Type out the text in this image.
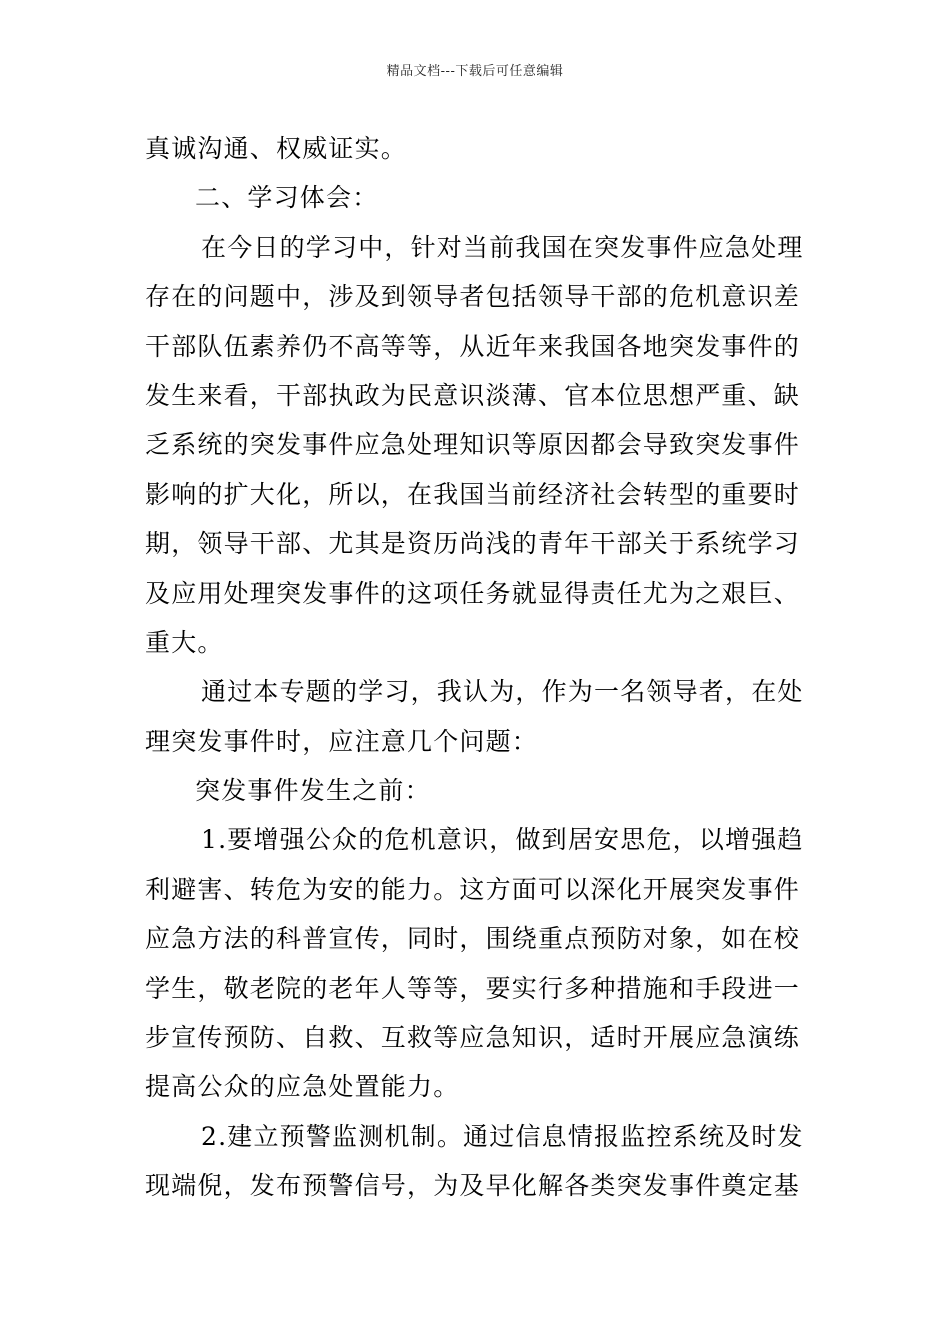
精品文档---下载后可任意编辑
真诚沟通、权威证实。
二、学习体会：
在今日的学习中，针对当前我国在突发事件应急处理
存在的问题中，涉及到领导者包括领导干部的危机意识差
干部队伍素养仍不高等等，从近年来我国各地突发事件的
发生来看，干部执政为民意识淡薄、官本位思想严重、缺
乏系统的突发事件应急处理知识等原因都会导致突发事件
影响的扩大化，所以，在我国当前经济社会转型的重要时
期，领导干部、尤其是资历尚浅的青年干部关于系统学习
及应用处理突发事件的这项任务就显得责任尤为之艰巨、
重大。
通过本专题的学习，我认为，作为一名领导者，在处
理突发事件时，应注意几个问题：
突发事件发生之前：
1.要增强公众的危机意识，做到居安思危，以增强趋
利避害、转危为安的能力。这方面可以深化开展突发事件
应急方法的科普宣传，同时，围绕重点预防对象，如在校
学生，敬老院的老年人等等，要实行多种措施和手段进一
步宣传预防、自救、互救等应急知识，适时开展应急演练
提高公众的应急处置能力。
2.建立预警监测机制。通过信息情报监控系统及时发
现端倪，发布预警信号，为及早化解各类突发事件奠定基
